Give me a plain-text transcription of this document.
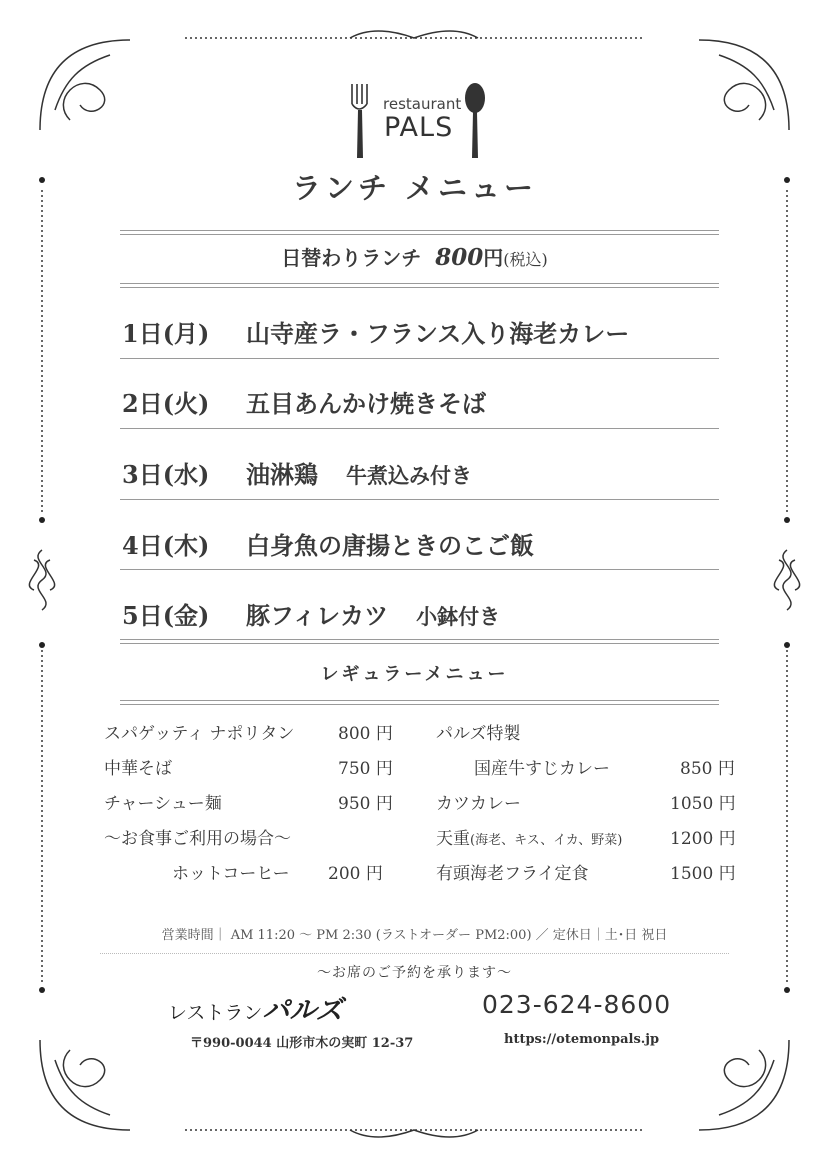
restaurant
PALS
ランチ メニュー
日替わりランチ 800円(税込)
1日(月) 山寺産ラ・フランス入り海老カレー
2日(火) 五目あんかけ焼きそば
3日(水) 油淋鶏 牛煮込み付き
4日(木) 白身魚の唐揚ときのこご飯
5日(金) 豚フィレカツ 小鉢付き
レギュラーメニュー
スパゲッティ ナポリタン	800 円
中華そば	750 円
チャーシュー麺	950 円
〜お食事ご利用の場合〜
ホットコーヒー 200 円
パルズ特製
国産牛すじカレー	850 円
カツカレー	1050 円
天重(海老、キス、イカ、野菜)	1200 円
有頭海老フライ定食	1500 円
営業時間｜ AM 11:20 〜 PM 2:30 (ラストオーダー PM2:00) ／ 定休日｜土･日 祝日
〜お席のご予約を承ります〜
レストランパルズ	023-624-8600
〒990-0044 山形市木の実町 12-37	https://otemonpals.jp
